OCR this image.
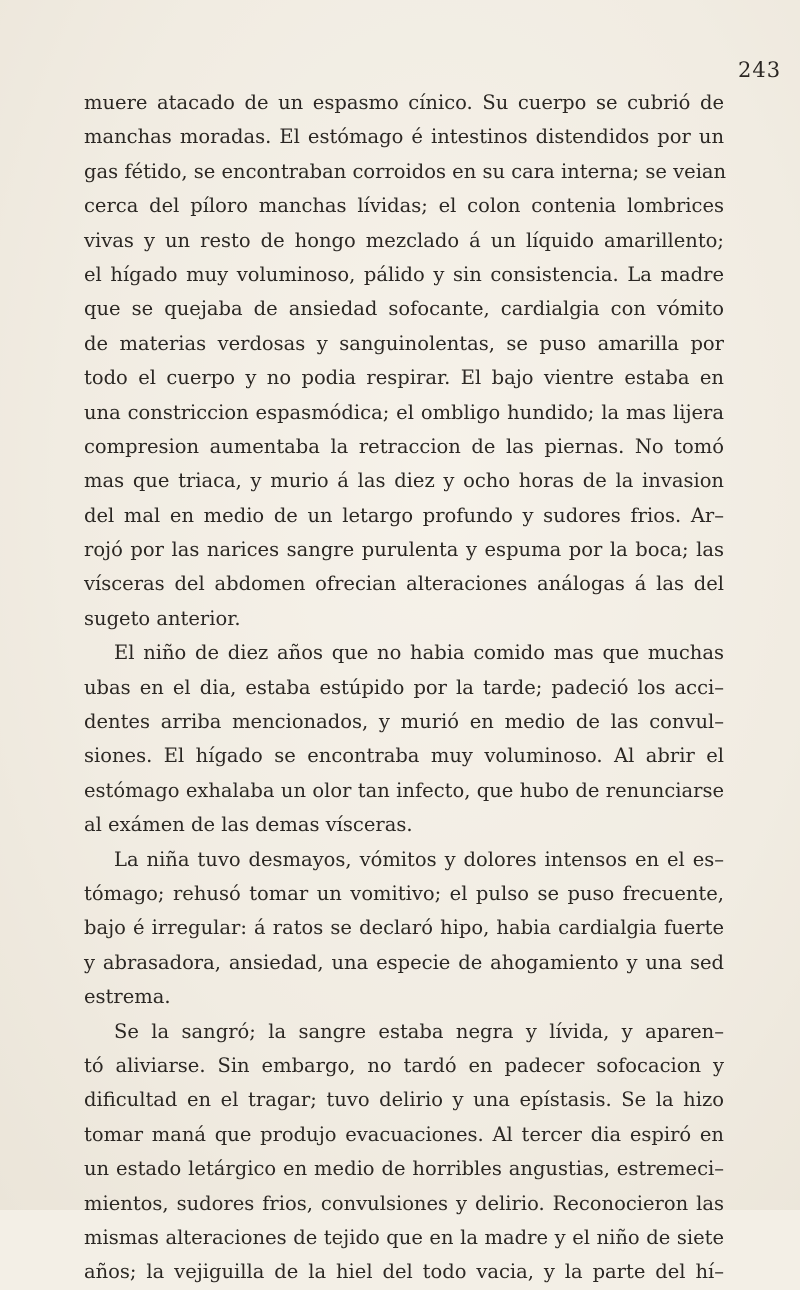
243
muere atacado de un espasmo cínico. Su cuerpo se cubrió de
manchas moradas. El estómago é intestinos distendidos por un
gas fétido, se encontraban corroidos en su cara interna; se veian
cerca del píloro manchas lívidas; el colon contenia lombrices
vivas y un resto de hongo mezclado á un líquido amarillento;
el hígado muy voluminoso, pálido y sin consistencia. La madre
que se quejaba de ansiedad sofocante, cardialgia con vómito
de materias verdosas y sanguinolentas, se puso amarilla por
todo el cuerpo y no podia respirar. El bajo vientre estaba en
una constriccion espasmódica; el ombligo hundido; la mas lijera
compresion aumentaba la retraccion de las piernas. No tomó
mas que triaca, y murio á las diez y ocho horas de la invasion
del mal en medio de un letargo profundo y sudores frios. Ar–
rojó por las narices sangre purulenta y espuma por la boca; las
vísceras del abdomen ofrecian alteraciones análogas á las del
sugeto anterior.
El niño de diez años que no habia comido mas que muchas
ubas en el dia, estaba estúpido por la tarde; padeció los acci–
dentes arriba mencionados, y murió en medio de las convul–
siones. El hígado se encontraba muy voluminoso. Al abrir el
estómago exhalaba un olor tan infecto, que hubo de renunciarse
al exámen de las demas vísceras.
La niña tuvo desmayos, vómitos y dolores intensos en el es–
tómago; rehusó tomar un vomitivo; el pulso se puso frecuente,
bajo é irregular: á ratos se declaró hipo, habia cardialgia fuerte
y abrasadora, ansiedad, una especie de ahogamiento y una sed
estrema.
Se la sangró; la sangre estaba negra y lívida, y aparen–
tó aliviarse. Sin embargo, no tardó en padecer sofocacion y
dificultad en el tragar; tuvo delirio y una epístasis. Se la hizo
tomar maná que produjo evacuaciones. Al tercer dia espiró en
un estado letárgico en medio de horribles angustias, estremeci–
mientos, sudores frios, convulsiones y delirio. Reconocieron las
mismas alteraciones de tejido que en la madre y el niño de siete
años; la vejiguilla de la hiel del todo vacia, y la parte del hí–
